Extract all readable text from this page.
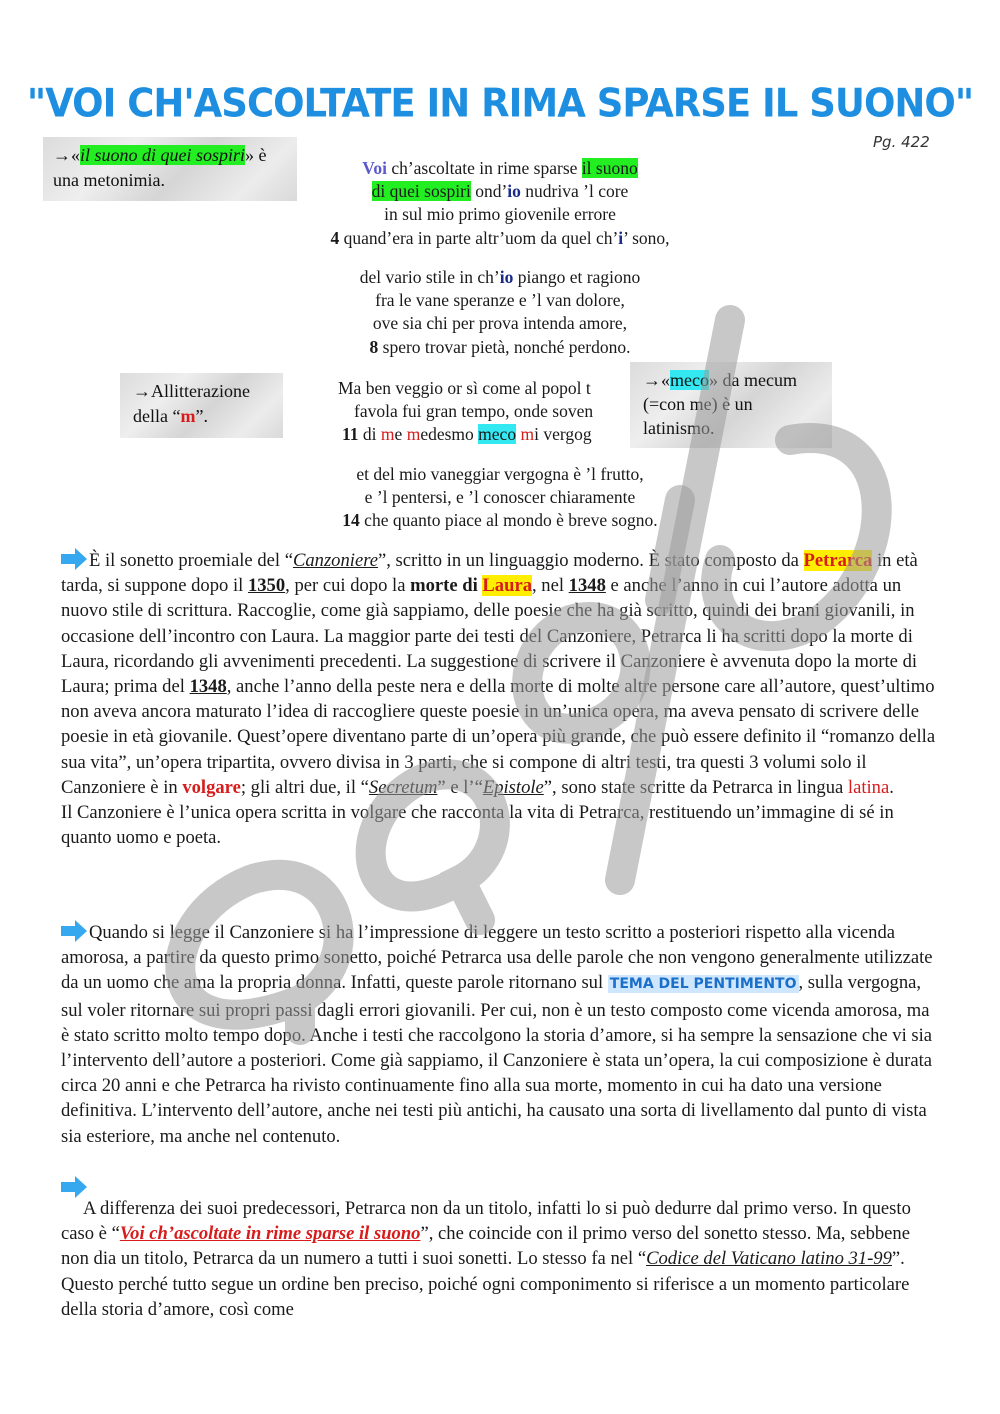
"VOI CH'ASCOLTATE IN RIMA SPARSE IL SUONO"
Pg. 422
→«il suono di quei sospiri» è una metonimia.
→Allitterazione
della “m”.
Voi ch’ascoltate in rime sparse il suono
di quei sospiri ond’io nudriva ’l core
in sul mio primo giovenile errore
4 quand’era in parte altr’uom da quel ch’i’ sono,
del vario stile in ch’io piango et ragiono
fra le vane speranze e ’l van dolore,
ove sia chi per prova intenda amore,
8 spero trovar pietà, nonché perdono.
Ma ben veggio or sì come al popol t
favola fui gran tempo, onde soven
11 di me medesmo meco mi vergog
→«meco» da mecum (=con me) è un latinismo.
et del mio vaneggiar vergogna è ’l frutto,
e ’l pentersi, e ’l conoscer chiaramente
14 che quanto piace al mondo è breve sogno.
È il sonetto proemiale del “Canzoniere”, scritto in un linguaggio moderno. È stato composto da Petrarca in età tarda, si suppone dopo il 1350, per cui dopo la morte di Laura, nel 1348 e anche l’anno in cui l’autore adotta un nuovo stile di scrittura. Raccoglie, come già sappiamo, delle poesie che ha già scritto, quindi dei brani giovanili, in occasione dell’incontro con Laura. La maggior parte dei testi del Canzoniere, Petrarca li ha scritti dopo la morte di Laura, ricordando gli avvenimenti precedenti. La suggestione di scrivere il Canzoniere è avvenuta dopo la morte di Laura; prima del 1348, anche l’anno della peste nera e della morte di molte altre persone care all’autore, quest’ultimo non aveva ancora maturato l’idea di raccogliere queste poesie in un’unica opera, ma aveva pensato di scrivere delle poesie in età giovanile. Quest’opere diventano parte di un’opera più grande, che può essere definito il “romanzo della sua vita”, un’opera tripartita, ovvero divisa in 3 parti, che si compone di altri testi, tra questi 3 volumi solo il Canzoniere è in volgare; gli altri due, il “Secretum” e l’“Epistole”, sono state scritte da Petrarca in lingua latina.
Il Canzoniere è l’unica opera scritta in volgare che racconta la vita di Petrarca, restituendo un’immagine di sé in quanto uomo e poeta.
Quando si legge il Canzoniere si ha l’impressione di leggere un testo scritto a posteriori rispetto alla vicenda amorosa, a partire da questo primo sonetto, poiché Petrarca usa delle parole che non vengono generalmente utilizzate da un uomo che ama la propria donna. Infatti, queste parole ritornano sul TEMA DEL PENTIMENTO , sulla vergogna, sul voler ritornare sui propri passi dagli errori giovanili. Per cui, non è un testo composto come vicenda amorosa, ma è stato scritto molto tempo dopo. Anche i testi che raccolgono la storia d’amore, si ha sempre la sensazione che vi sia l’intervento dell’autore a posteriori. Come già sappiamo, il Canzoniere è stata un’opera, la cui composizione è durata circa 20 anni e che Petrarca ha rivisto continuamente fino alla sua morte, momento in cui ha dato una versione definitiva. L’intervento dell’autore, anche nei testi più antichi, ha causato una sorta di livellamento dal punto di vista sia esteriore, ma anche nel contenuto.
A differenza dei suoi predecessori, Petrarca non da un titolo, infatti lo si può dedurre dal primo verso. In questo caso è “Voi ch’ascoltate in rime sparse il suono”, che coincide con il primo verso del sonetto stesso. Ma, sebbene non dia un titolo, Petrarca da un numero a tutti i suoi sonetti. Lo stesso fa nel “Codice del Vaticano latino 31-99”. Questo perché tutto segue un ordine ben preciso, poiché ogni componimento si riferisce a un momento particolare della storia d’amore, così come
